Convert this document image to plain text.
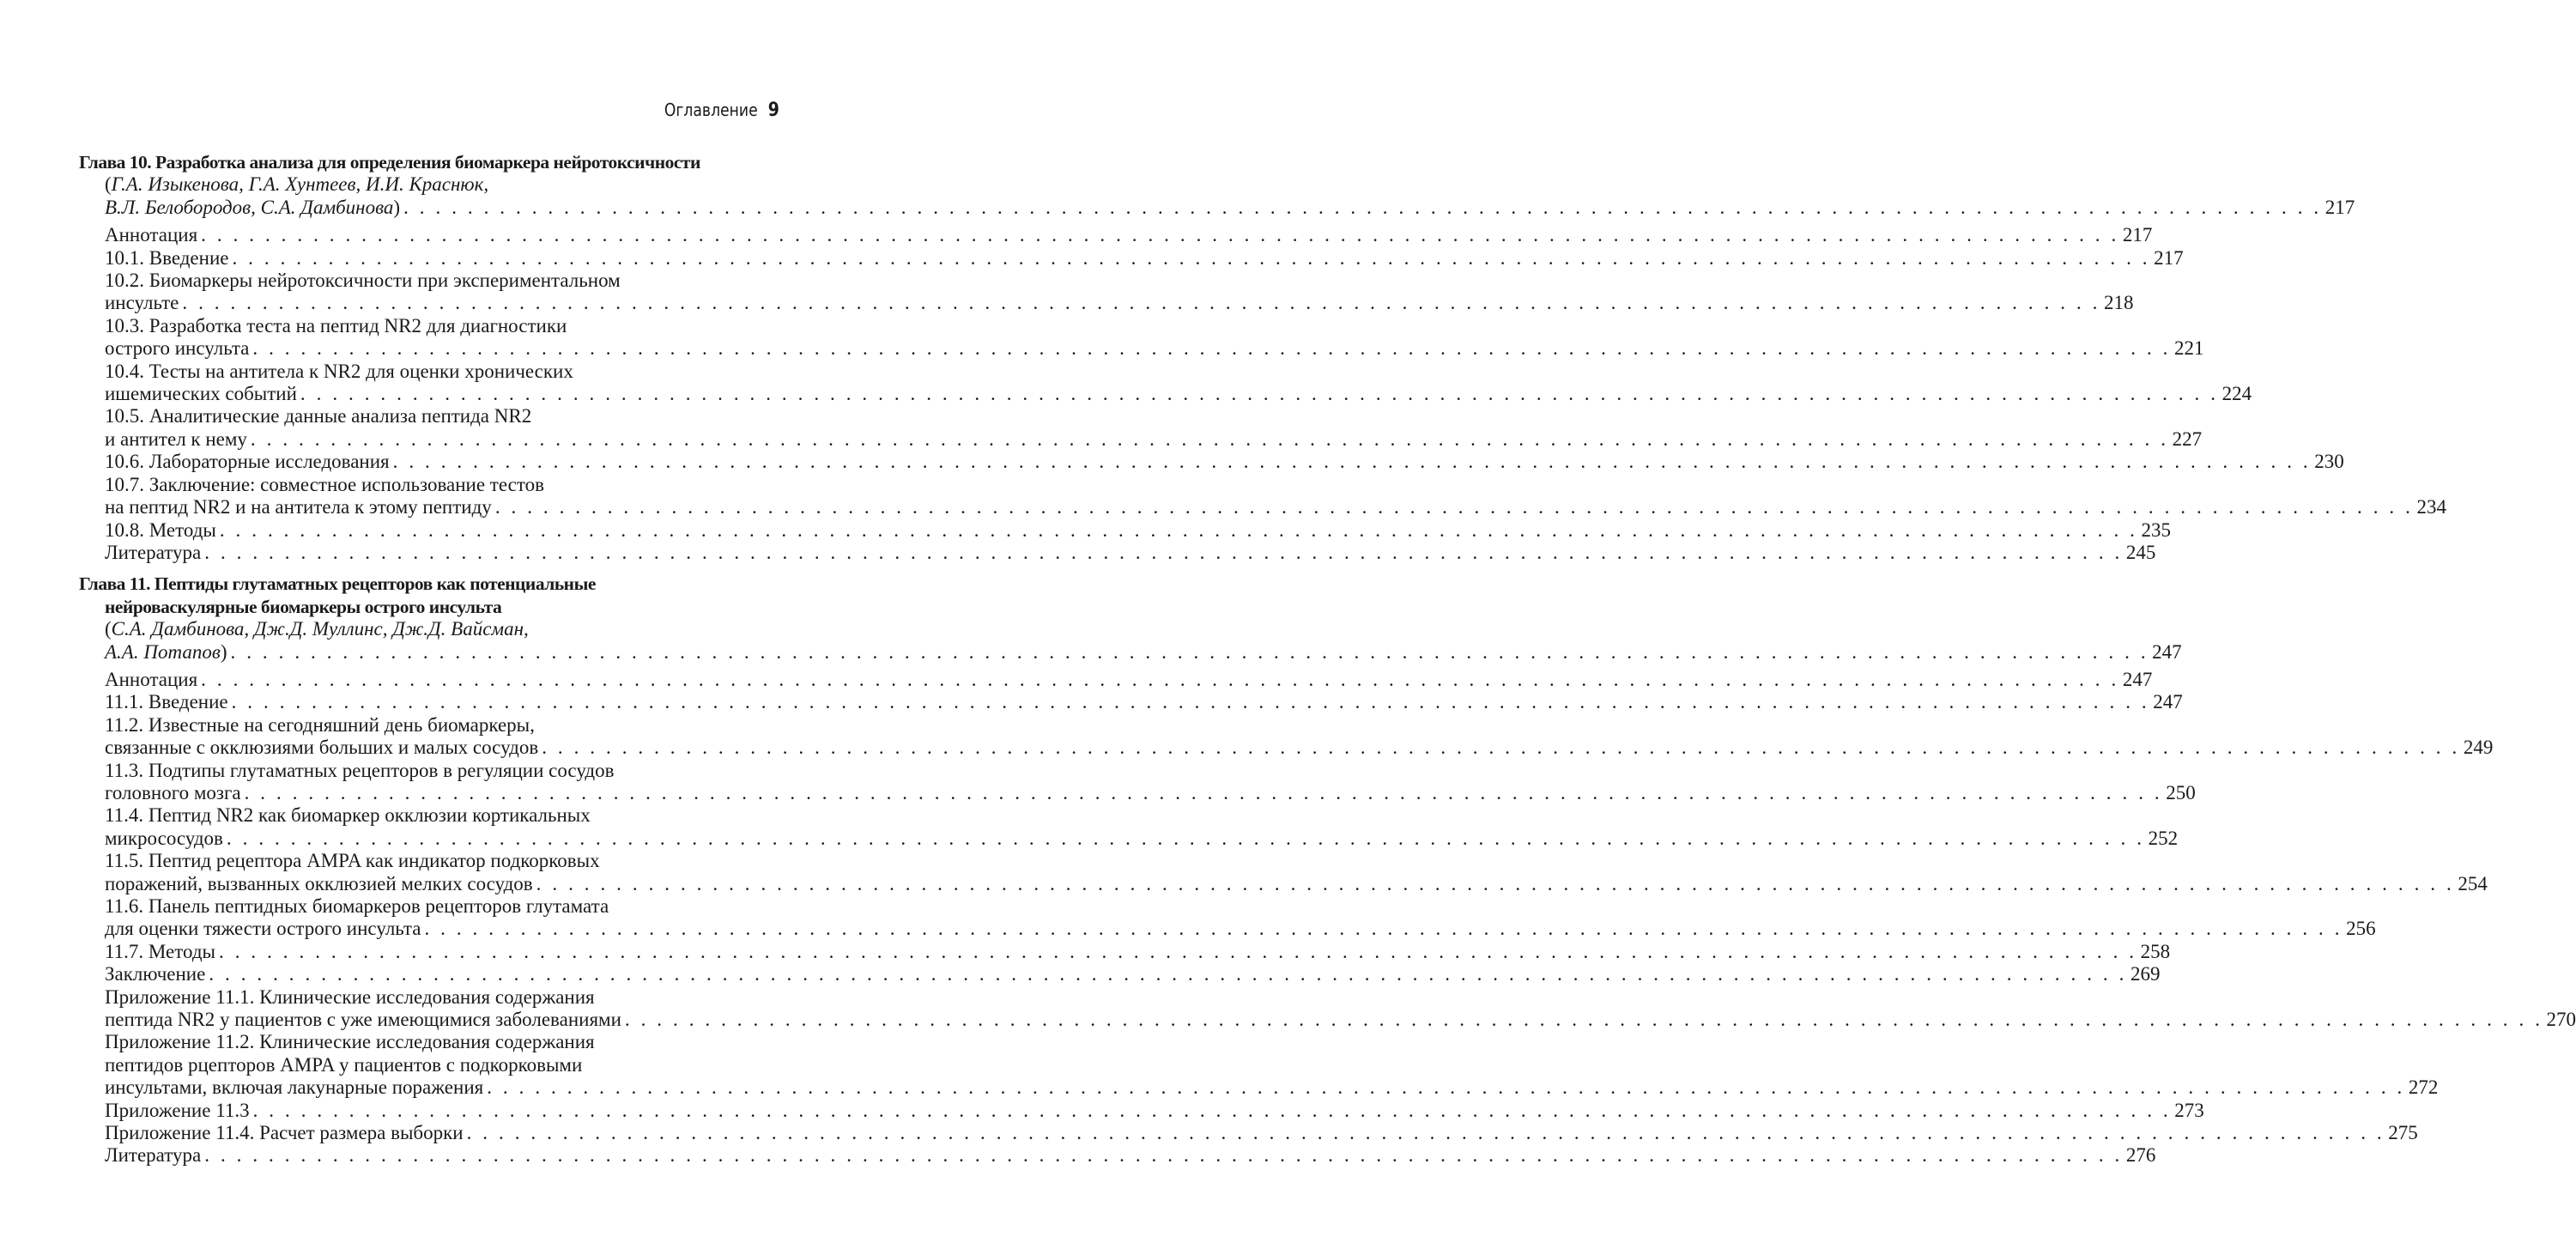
Оглавление 9
Глава 10. Разработка анализа для определения биомаркера нейротоксичности
(Г.А. Изыкенова, Г.А. Хунтеев, И.И. Краснюк,
В.Л. Белобородов, С.А. Дамбинова) . . . . . . . . . . . . . . . . . . . . . . . . . . . . . . . . . . . . . . . . . . . . . . . . . . . . . . . . . . . . . . . . . . . . . . . . . . . . . . . . . . . . . . . . . . . . . . . . . . . . . . . . . . . . . . . . . . . . . . . . 217
Аннотация . . . . . . . . . . . . . . . . . . . . . . . . . . . . . . . . . . . . . . . . . . . . . . . . . . . . . . . . . . . . . . . . . . . . . . . . . . . . . . . . . . . . . . . . . . . . . . . . . . . . . . . . . . . . . . . . . . . . . . . . 217
10.1. Введение . . . . . . . . . . . . . . . . . . . . . . . . . . . . . . . . . . . . . . . . . . . . . . . . . . . . . . . . . . . . . . . . . . . . . . . . . . . . . . . . . . . . . . . . . . . . . . . . . . . . . . . . . . . . . . . . . . . . . . . . 217
10.2. Биомаркеры нейротоксичности при экспериментальном
инсульте . . . . . . . . . . . . . . . . . . . . . . . . . . . . . . . . . . . . . . . . . . . . . . . . . . . . . . . . . . . . . . . . . . . . . . . . . . . . . . . . . . . . . . . . . . . . . . . . . . . . . . . . . . . . . . . . . . . . . . . . 218
10.3. Разработка теста на пептид NR2 для диагностики
острого инсульта . . . . . . . . . . . . . . . . . . . . . . . . . . . . . . . . . . . . . . . . . . . . . . . . . . . . . . . . . . . . . . . . . . . . . . . . . . . . . . . . . . . . . . . . . . . . . . . . . . . . . . . . . . . . . . . . . . . . . . . . 221
10.4. Тесты на антитела к NR2 для оценки хронических
ишемических событий . . . . . . . . . . . . . . . . . . . . . . . . . . . . . . . . . . . . . . . . . . . . . . . . . . . . . . . . . . . . . . . . . . . . . . . . . . . . . . . . . . . . . . . . . . . . . . . . . . . . . . . . . . . . . . . . . . . . . . . . 224
10.5. Аналитические данные анализа пептида NR2
и антител к нему . . . . . . . . . . . . . . . . . . . . . . . . . . . . . . . . . . . . . . . . . . . . . . . . . . . . . . . . . . . . . . . . . . . . . . . . . . . . . . . . . . . . . . . . . . . . . . . . . . . . . . . . . . . . . . . . . . . . . . . . 227
10.6. Лабораторные исследования . . . . . . . . . . . . . . . . . . . . . . . . . . . . . . . . . . . . . . . . . . . . . . . . . . . . . . . . . . . . . . . . . . . . . . . . . . . . . . . . . . . . . . . . . . . . . . . . . . . . . . . . . . . . . . . . . . . . . . . . 230
10.7. Заключение: совместное использование тестов
на пептид NR2 и на антитела к этому пептиду . . . . . . . . . . . . . . . . . . . . . . . . . . . . . . . . . . . . . . . . . . . . . . . . . . . . . . . . . . . . . . . . . . . . . . . . . . . . . . . . . . . . . . . . . . . . . . . . . . . . . . . . . . . . . . . . . . . . . . . . 234
10.8. Методы . . . . . . . . . . . . . . . . . . . . . . . . . . . . . . . . . . . . . . . . . . . . . . . . . . . . . . . . . . . . . . . . . . . . . . . . . . . . . . . . . . . . . . . . . . . . . . . . . . . . . . . . . . . . . . . . . . . . . . . . 235
Литература . . . . . . . . . . . . . . . . . . . . . . . . . . . . . . . . . . . . . . . . . . . . . . . . . . . . . . . . . . . . . . . . . . . . . . . . . . . . . . . . . . . . . . . . . . . . . . . . . . . . . . . . . . . . . . . . . . . . . . . . 245
Глава 11. Пептиды глутаматных рецепторов как потенциальные
нейроваскулярные биомаркеры острого инсульта
(С.А. Дамбинова, Дж.Д. Муллинс, Дж.Д. Вайсман,
А.А. Потапов) . . . . . . . . . . . . . . . . . . . . . . . . . . . . . . . . . . . . . . . . . . . . . . . . . . . . . . . . . . . . . . . . . . . . . . . . . . . . . . . . . . . . . . . . . . . . . . . . . . . . . . . . . . . . . . . . . . . . . . . . 247
Аннотация . . . . . . . . . . . . . . . . . . . . . . . . . . . . . . . . . . . . . . . . . . . . . . . . . . . . . . . . . . . . . . . . . . . . . . . . . . . . . . . . . . . . . . . . . . . . . . . . . . . . . . . . . . . . . . . . . . . . . . . . 247
11.1. Введение . . . . . . . . . . . . . . . . . . . . . . . . . . . . . . . . . . . . . . . . . . . . . . . . . . . . . . . . . . . . . . . . . . . . . . . . . . . . . . . . . . . . . . . . . . . . . . . . . . . . . . . . . . . . . . . . . . . . . . . . 247
11.2. Известные на сегодняшний день биомаркеры,
связанные с окклюзиями больших и малых сосудов . . . . . . . . . . . . . . . . . . . . . . . . . . . . . . . . . . . . . . . . . . . . . . . . . . . . . . . . . . . . . . . . . . . . . . . . . . . . . . . . . . . . . . . . . . . . . . . . . . . . . . . . . . . . . . . . . . . . . . . . 249
11.3. Подтипы глутаматных рецепторов в регуляции сосудов
головного мозга . . . . . . . . . . . . . . . . . . . . . . . . . . . . . . . . . . . . . . . . . . . . . . . . . . . . . . . . . . . . . . . . . . . . . . . . . . . . . . . . . . . . . . . . . . . . . . . . . . . . . . . . . . . . . . . . . . . . . . . . 250
11.4. Пептид NR2 как биомаркер окклюзии кортикальных
микрососудов . . . . . . . . . . . . . . . . . . . . . . . . . . . . . . . . . . . . . . . . . . . . . . . . . . . . . . . . . . . . . . . . . . . . . . . . . . . . . . . . . . . . . . . . . . . . . . . . . . . . . . . . . . . . . . . . . . . . . . . . 252
11.5. Пептид рецептора AMPA как индикатор подкорковых
поражений, вызванных окклюзией мелких сосудов . . . . . . . . . . . . . . . . . . . . . . . . . . . . . . . . . . . . . . . . . . . . . . . . . . . . . . . . . . . . . . . . . . . . . . . . . . . . . . . . . . . . . . . . . . . . . . . . . . . . . . . . . . . . . . . . . . . . . . . . 254
11.6. Панель пептидных биомаркеров рецепторов глутамата
для оценки тяжести острого инсульта . . . . . . . . . . . . . . . . . . . . . . . . . . . . . . . . . . . . . . . . . . . . . . . . . . . . . . . . . . . . . . . . . . . . . . . . . . . . . . . . . . . . . . . . . . . . . . . . . . . . . . . . . . . . . . . . . . . . . . . . 256
11.7. Методы . . . . . . . . . . . . . . . . . . . . . . . . . . . . . . . . . . . . . . . . . . . . . . . . . . . . . . . . . . . . . . . . . . . . . . . . . . . . . . . . . . . . . . . . . . . . . . . . . . . . . . . . . . . . . . . . . . . . . . . . 258
Заключение . . . . . . . . . . . . . . . . . . . . . . . . . . . . . . . . . . . . . . . . . . . . . . . . . . . . . . . . . . . . . . . . . . . . . . . . . . . . . . . . . . . . . . . . . . . . . . . . . . . . . . . . . . . . . . . . . . . . . . . . 269
Приложение 11.1. Клинические исследования содержания
пептида NR2 у пациентов с уже имеющимися заболеваниями . . . . . . . . . . . . . . . . . . . . . . . . . . . . . . . . . . . . . . . . . . . . . . . . . . . . . . . . . . . . . . . . . . . . . . . . . . . . . . . . . . . . . . . . . . . . . . . . . . . . . . . . . . . . . . . . . . . . . . . . 270
Приложение 11.2. Клинические исследования содержания
пептидов рцепторов AMPA у пациентов с подкорковыми
инсультами, включая лакунарные поражения . . . . . . . . . . . . . . . . . . . . . . . . . . . . . . . . . . . . . . . . . . . . . . . . . . . . . . . . . . . . . . . . . . . . . . . . . . . . . . . . . . . . . . . . . . . . . . . . . . . . . . . . . . . . . . . . . . . . . . . . 272
Приложение 11.3 . . . . . . . . . . . . . . . . . . . . . . . . . . . . . . . . . . . . . . . . . . . . . . . . . . . . . . . . . . . . . . . . . . . . . . . . . . . . . . . . . . . . . . . . . . . . . . . . . . . . . . . . . . . . . . . . . . . . . . . . 273
Приложение 11.4. Расчет размера выборки . . . . . . . . . . . . . . . . . . . . . . . . . . . . . . . . . . . . . . . . . . . . . . . . . . . . . . . . . . . . . . . . . . . . . . . . . . . . . . . . . . . . . . . . . . . . . . . . . . . . . . . . . . . . . . . . . . . . . . . . 275
Литература . . . . . . . . . . . . . . . . . . . . . . . . . . . . . . . . . . . . . . . . . . . . . . . . . . . . . . . . . . . . . . . . . . . . . . . . . . . . . . . . . . . . . . . . . . . . . . . . . . . . . . . . . . . . . . . . . . . . . . . . 276
